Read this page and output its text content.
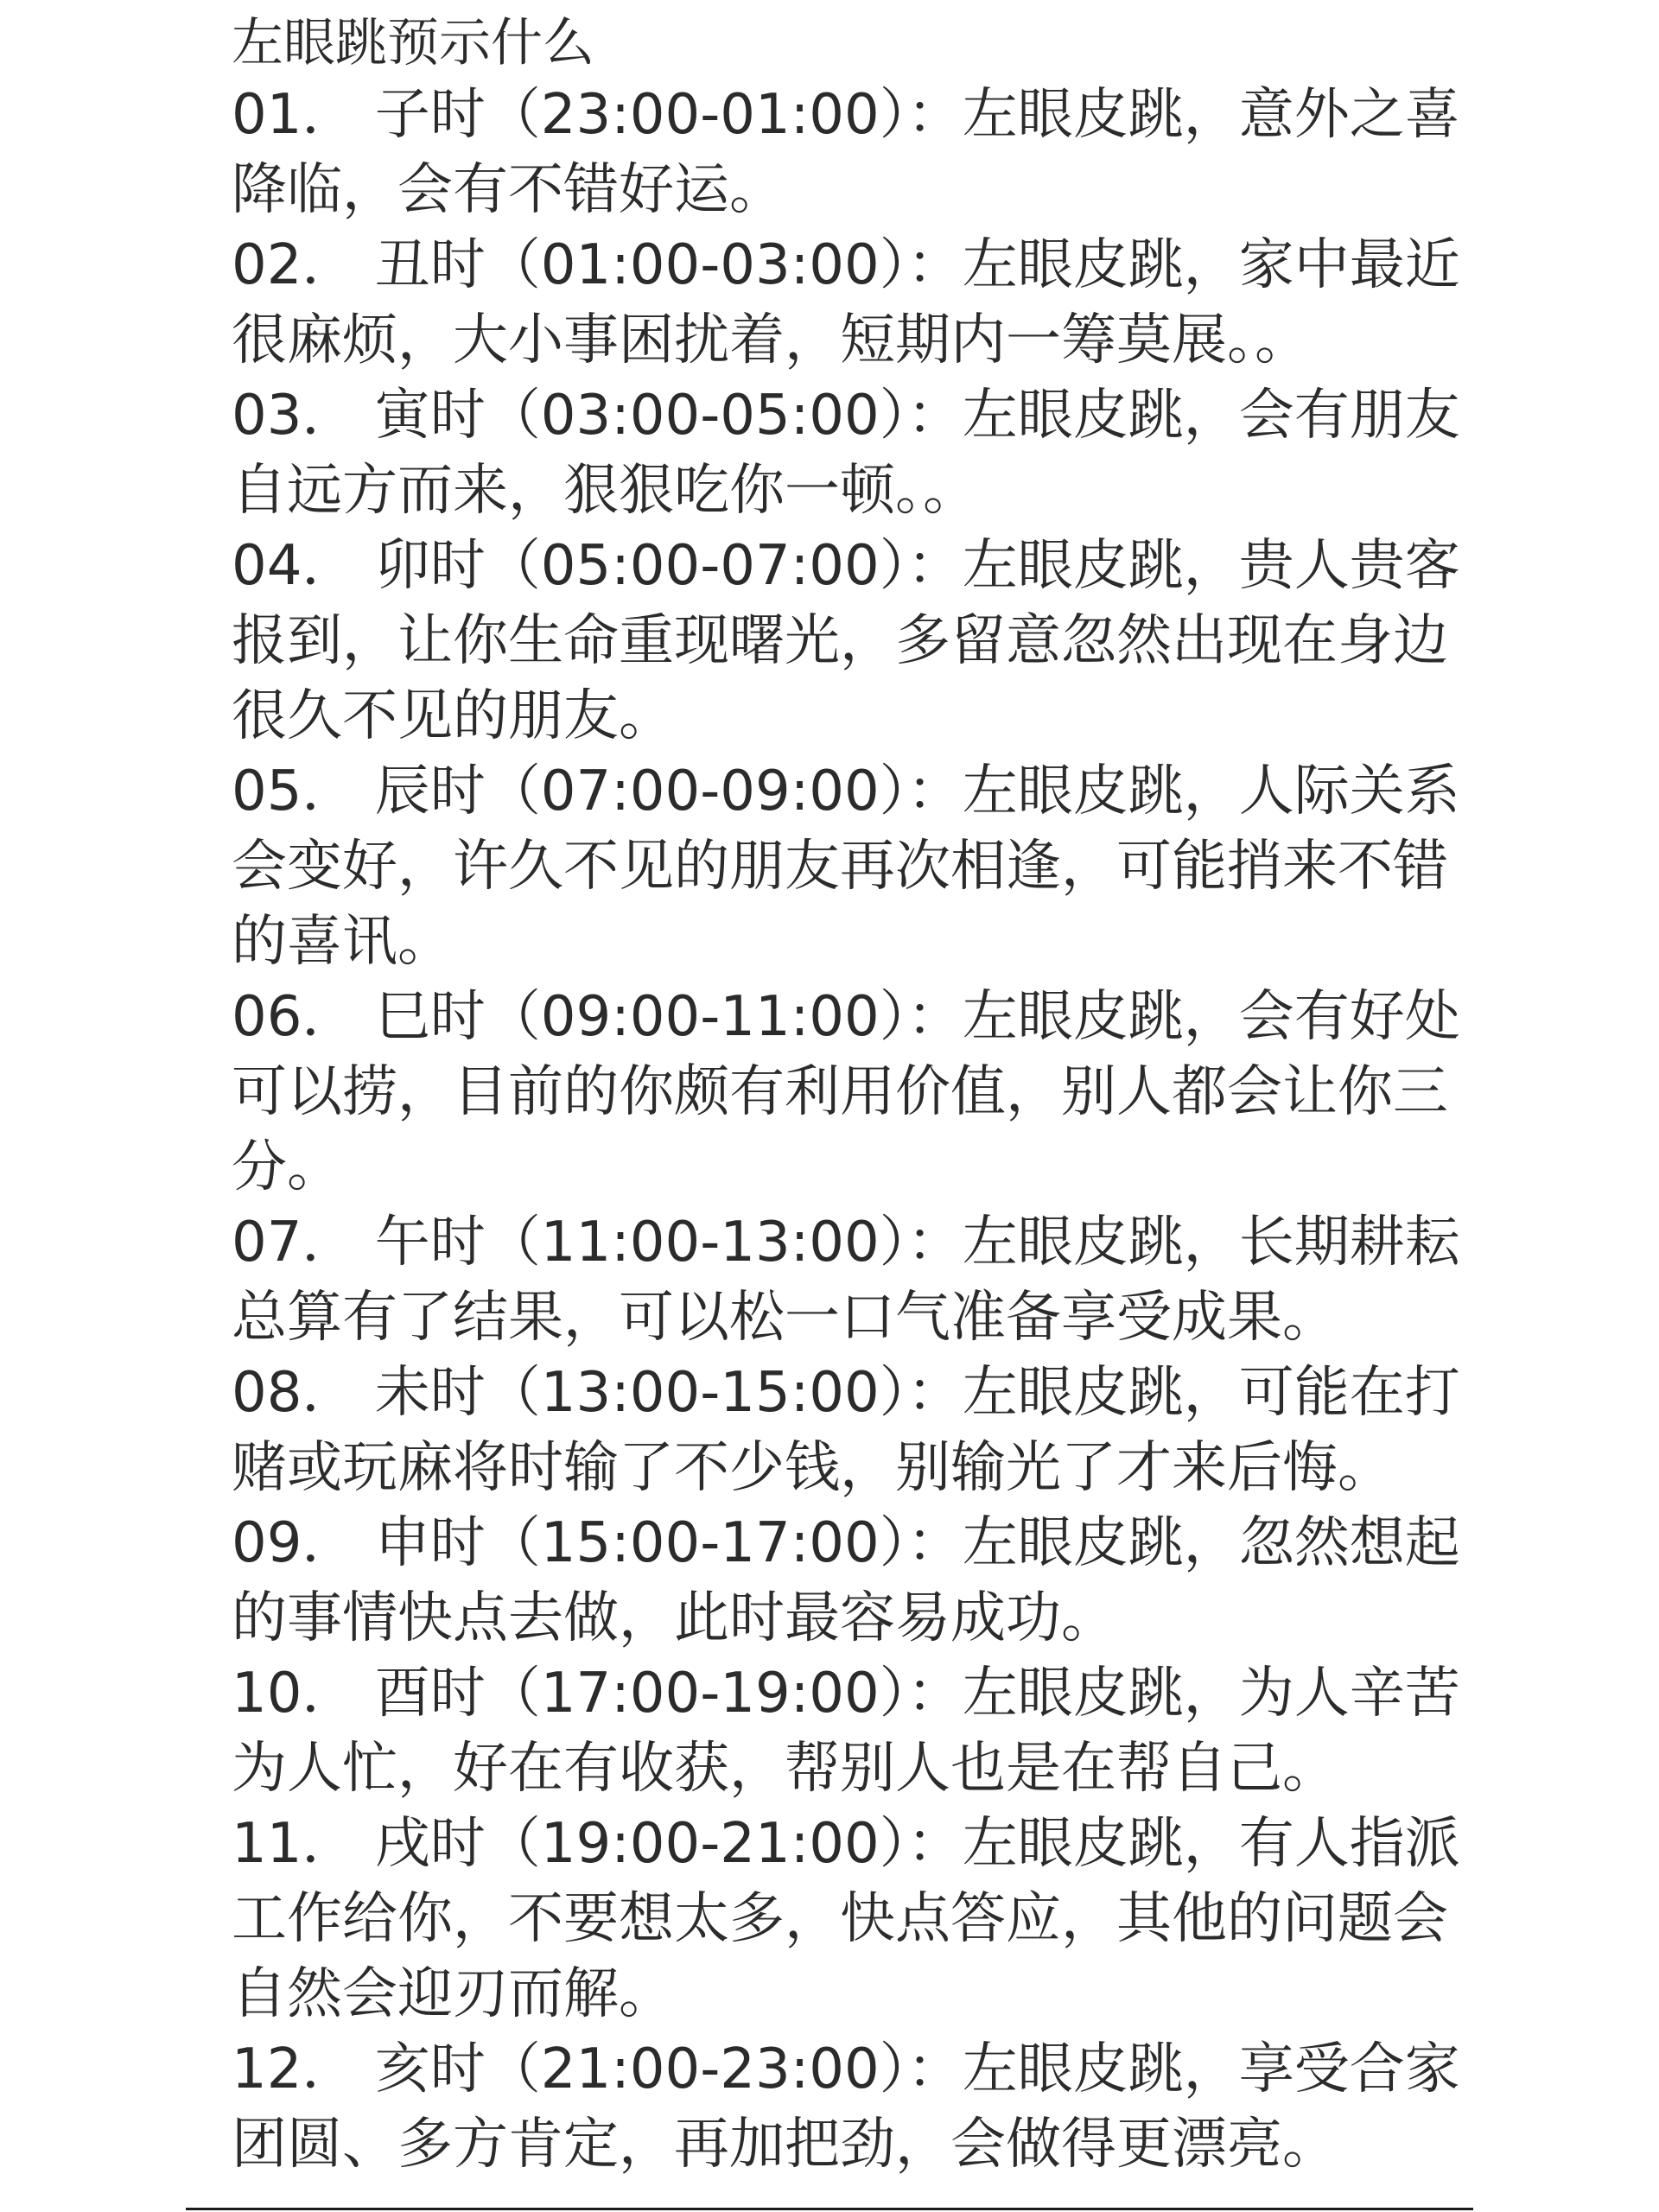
左眼跳预示什么
01． 子时（23:00-01:00）：左眼皮跳，意外之喜降临，会有不错好运。
02． 丑时（01:00-03:00）：左眼皮跳，家中最近很麻烦，大小事困扰着，短期内一筹莫展。。
03． 寅时（03:00-05:00）：左眼皮跳，会有朋友自远方而来，狠狠吃你一顿。。
04． 卯时（05:00-07:00）：左眼皮跳，贵人贵客报到，让你生命重现曙光，多留意忽然出现在身边很久不见的朋友。
05． 辰时（07:00-09:00）：左眼皮跳，人际关系会变好，许久不见的朋友再次相逢，可能捎来不错的喜讯。
06． 巳时（09:00-11:00）：左眼皮跳，会有好处可以捞，目前的你颇有利用价值，别人都会让你三分。
07． 午时（11:00-13:00）：左眼皮跳，长期耕耘总算有了结果，可以松一口气准备享受成果。
08． 未时（13:00-15:00）：左眼皮跳，可能在打赌或玩麻将时输了不少钱，别输光了才来后悔。
09． 申时（15:00-17:00）：左眼皮跳，忽然想起的事情快点去做，此时最容易成功。
10． 酉时（17:00-19:00）：左眼皮跳，为人辛苦为人忙，好在有收获，帮别人也是在帮自己。
11． 戌时（19:00-21:00）：左眼皮跳，有人指派工作给你，不要想太多，快点答应，其他的问题会自然会迎刃而解。
12． 亥时（21:00-23:00）：左眼皮跳，享受合家团圆、多方肯定，再加把劲，会做得更漂亮。
